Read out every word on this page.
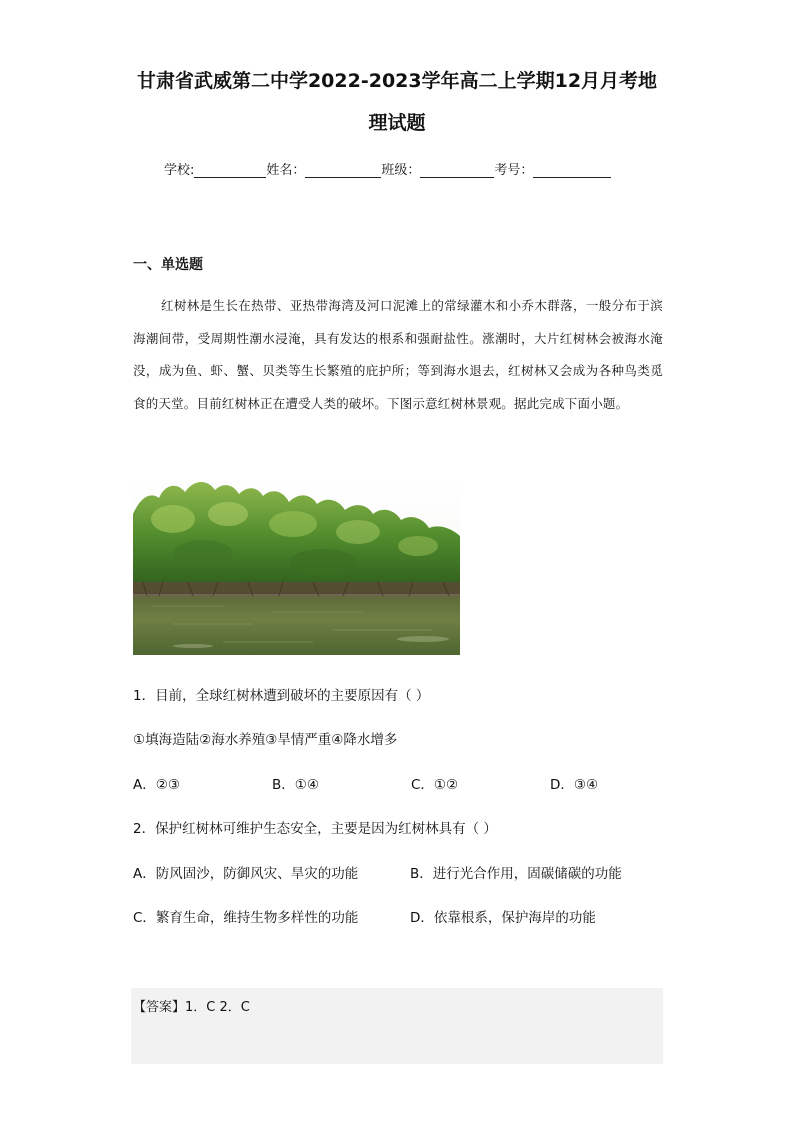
甘肃省武威第二中学2022-2023学年高二上学期12月月考地
理试题
学校:	姓名：	班级：	考号：
一、单选题
红树林是生长在热带、亚热带海湾及河口泥滩上的常绿灌木和小乔木群落，一般分布于滨海潮间带，受周期性潮水浸淹，具有发达的根系和强耐盐性。涨潮时，大片红树林会被海水淹没，成为鱼、虾、蟹、贝类等生长繁殖的庇护所；等到海水退去，红树林又会成为各种鸟类觅食的天堂。目前红树林正在遭受人类的破坏。下图示意红树林景观。据此完成下面小题。
1．目前，全球红树林遭到破坏的主要原因有（ ）
①填海造陆②海水养殖③旱情严重④降水增多
A．②③	B．①④	C．①②	D．③④
2．保护红树林可维护生态安全，主要是因为红树林具有（ ）
A．防风固沙，防御风灾、旱灾的功能	B．进行光合作用，固碳储碳的功能
C．繁育生命，维持生物多样性的功能	D．依靠根系，保护海岸的功能
【答案】1．C 2．C
